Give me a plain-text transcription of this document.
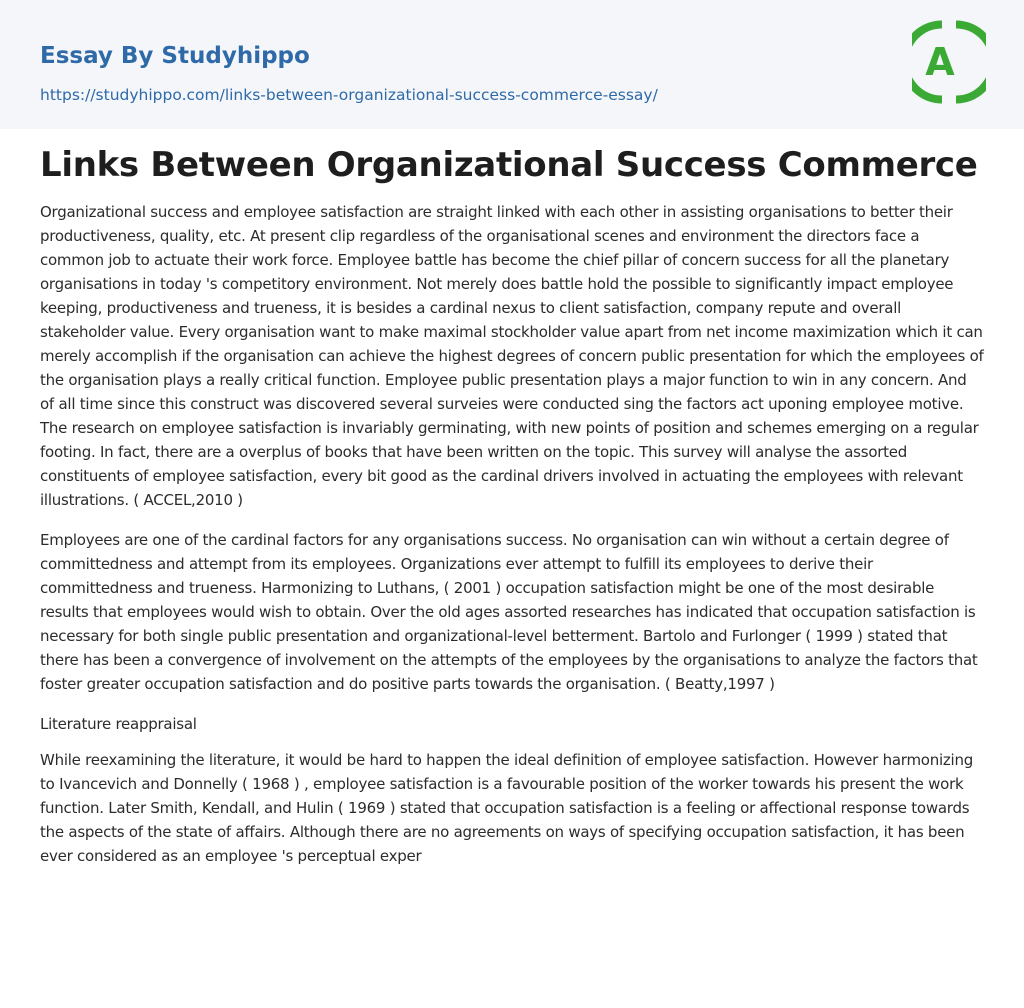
Essay By Studyhippo
https://studyhippo.com/links-between-organizational-success-commerce-essay/
A
Links Between Organizational Success Commerce

Organizational success and employee satisfaction are straight linked with each other in assisting organisations to better their productiveness, quality, etc. At present clip regardless of the organisational scenes and environment the directors face a common job to actuate their work force. Employee battle has become the chief pillar of concern success for all the planetary organisations in today 's competitory environment. Not merely does battle hold the possible to significantly impact employee keeping, productiveness and trueness, it is besides a cardinal nexus to client satisfaction, company repute and overall stakeholder value. Every organisation want to make maximal stockholder value apart from net income maximization which it can merely accomplish if the organisation can achieve the highest degrees of concern public presentation for which the employees of the organisation plays a really critical function. Employee public presentation plays a major function to win in any concern. And of all time since this construct was discovered several surveies were conducted sing the factors act uponing employee motive. The research on employee satisfaction is invariably germinating, with new points of position and schemes emerging on a regular footing. In fact, there are a overplus of books that have been written on the topic. This survey will analyse the assorted constituents of employee satisfaction, every bit good as the cardinal drivers involved in actuating the employees with relevant illustrations. ( ACCEL,2010 )

Employees are one of the cardinal factors for any organisations success. No organisation can win without a certain degree of committedness and attempt from its employees. Organizations ever attempt to fulfill its employees to derive their committedness and trueness. Harmonizing to Luthans, ( 2001 ) occupation satisfaction might be one of the most desirable results that employees would wish to obtain. Over the old ages assorted researches has indicated that occupation satisfaction is necessary for both single public presentation and organizational-level betterment. Bartolo and Furlonger ( 1999 ) stated that there has been a convergence of involvement on the attempts of the employees by the organisations to analyze the factors that foster greater occupation satisfaction and do positive parts towards the organisation. ( Beatty,1997 )

Literature reappraisal

While reexamining the literature, it would be hard to happen the ideal definition of employee satisfaction. However harmonizing to Ivancevich and Donnelly ( 1968 ) , employee satisfaction is a favourable position of the worker towards his present the work function. Later Smith, Kendall, and Hulin ( 1969 ) stated that occupation satisfaction is a feeling or affectional response towards the aspects of the state of affairs. Although there are no agreements on ways of specifying occupation satisfaction, it has been ever considered as an employee 's perceptual exper
